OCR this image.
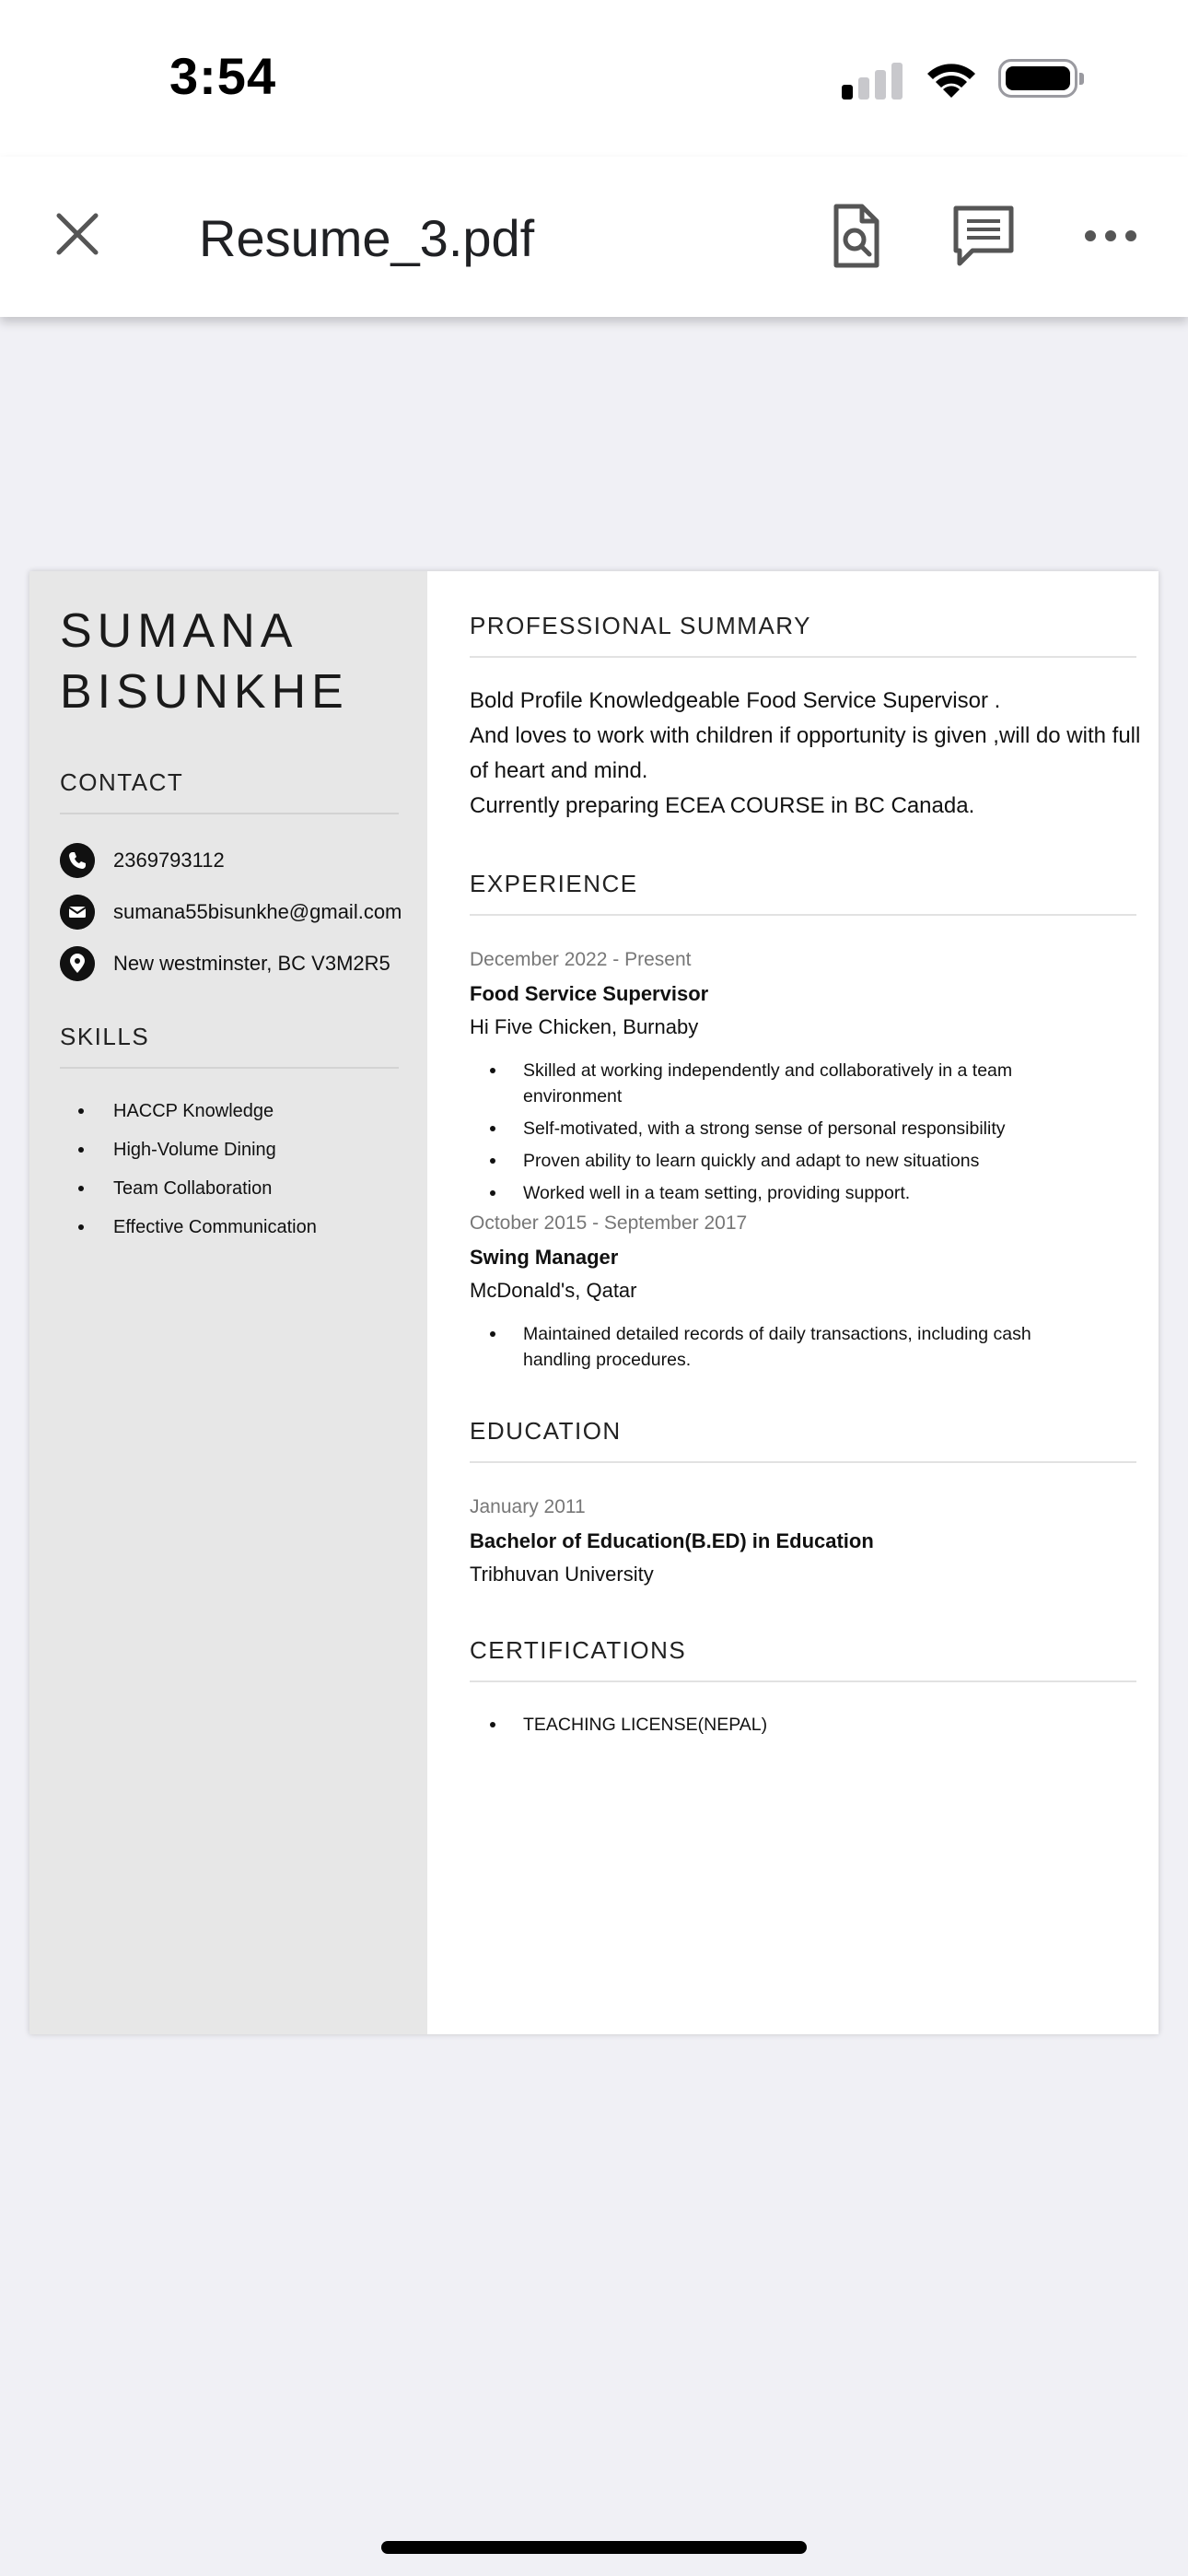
3:54
Resume_3.pdf
SUMANA
BISUNKHE
CONTACT
2369793112
sumana55bisunkhe@gmail.com
New westminster, BC V3M2R5
SKILLS
HACCP Knowledge
High-Volume Dining
Team Collaboration
Effective Communication
PROFESSIONAL SUMMARY
Bold Profile Knowledgeable Food Service Supervisor .
And loves to work with children if opportunity is given ,will do with full of heart and mind.
Currently preparing ECEA COURSE in BC Canada.
EXPERIENCE
December 2022 - Present
Food Service Supervisor
Hi Five Chicken, Burnaby
Skilled at working independently and collaboratively in a team environment
Self-motivated, with a strong sense of personal responsibility
Proven ability to learn quickly and adapt to new situations
Worked well in a team setting, providing support.
October 2015 - September 2017
Swing Manager
McDonald's, Qatar
Maintained detailed records of daily transactions, including cash handling procedures.
EDUCATION
January 2011
Bachelor of Education(B.ED) in Education
Tribhuvan University
CERTIFICATIONS
TEACHING LICENSE(NEPAL)
